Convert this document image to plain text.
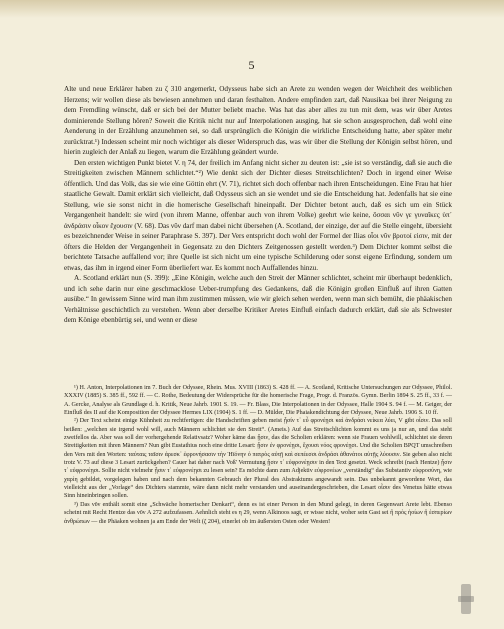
5

Alte und neue Erklärer haben zu ζ 310 angemerkt, Odysseus habe sich an Arete zu wenden wegen der Weichheit des weiblichen Herzens; wir wollen diese als bewiesen annehmen und daran festhalten. Andere empfinden zart, daß Nausikaa bei ihrer Neigung zu dem Fremdling wünscht, daß er sich bei der Mutter beliebt mache. Was hat das aber alles zu tun mit dem, was wir über Aretes dominierende Stellung hören? Soweit die Kritik nicht nur auf Interpolationen ausging, hat sie schon ausgesprochen, daß wohl eine Aenderung in der Erzählung anzunehmen sei, so daß ursprünglich die Königin die wirkliche Entscheidung hatte, aber später mehr zurücktrat.¹) Indessen scheint mir noch wichtiger als dieser Widerspruch das, was wir über die Stellung der Königin selbst hören, und hierin zugleich der Anlaß zu liegen, warum die Erzählung geändert wurde.

Den ersten wichtigen Punkt bietet V. η 74, der freilich im Anfang nicht sicher zu deuten ist: „sie ist so verständig, daß sie auch die Streitigkeiten zwischen Männern schlichtet.“²) Wie denkt sich der Dichter dieses Streitschlichten? Doch in irgend einer Weise öffentlich. Und das Volk, das sie wie eine Göttin ehrt (V. 71), richtet sich doch offenbar nach ihren Entscheidungen. Eine Frau hat hier staatliche Gewalt. Damit erklärt sich vielleicht, daß Odysseus sich an sie wendet und sie die Entscheidung hat. Jedenfalls hat sie eine Stellung, wie sie sonst nicht in die homerische Gesellschaft hineinpaßt. Der Dichter betont auch, daß es sich um ein Stück Vergangenheit handelt: sie wird (von ihrem Manne, offenbar auch von ihrem Volke) geehrt wie keine, ὅσσαι νῦν γε γυναῖκες ὑπ᾽ ἀνδράσιν οἶκον ἔχουσιν (V. 68). Das νῦν darf man dabei nicht übersehen (A. Scotland, der einzige, der auf die Stelle eingeht, übersieht es bezeichnender Weise in seiner Paraphrase S. 397). Der Vers entspricht doch wohl der Formel der Ilias οἷοι νῦν βροτοί εἰσιν, mit der öfters die Helden der Vergangenheit in Gegensatz zu den Dichters Zeitgenossen gestellt werden.³) Dem Dichter kommt selbst die berichtete Tatsache auffallend vor; ihre Quelle ist sich nicht um eine typische Schilderung oder sonst eigene Erfindung, sondern um etwas, das ihm in irgend einer Form überliefert war. Es kommt noch Auffallendes hinzu.

A. Scotland erklärt nun (S. 399): „Eine Königin, welche auch den Streit der Männer schlichtet, scheint mir überhaupt bedenklich, und ich sehe darin nur eine geschmacklose Ueber-trumpfung des Gedankens, daß die Königin großen Einfluß auf ihren Gatten ausübe.“ In gewissem Sinne wird man ihm zustimmen müssen, wie wir gleich sehen werden, wenn man sich bemüht, die phäakischen Verhältnisse geschichtlich zu verstehen. Wenn aber derselbe Kritiker Aretes Einfluß einfach dadurch erklärt, daß sie als Schwester dem Könige ebenbürtig sei, und wenn er diese

¹) H. Anton, Interpolationen im 7. Buch der Odyssee, Rhein. Mus. XVIII (1863) S. 428 ff. — A. Scotland, Kritische Untersuchungen zur Odyssee, Philol. XXXIV (1885) S. 385 ff., 592 ff. — C. Rothe, Bedeutung der Widersprüche für die homerische Frage, Progr. d. Französ. Gymn. Berlin 1894 S. 25 ff., 33 f. — A. Gercke, Analyse als Grundlage d. h. Kritik, Neue Jahrb. 1901 S. 19. — Fr. Blass, Die Interpolationen in der Odyssee, Halle 1904 S. 94 f. — M. Geiger, der Einfluß des II auf die Komposition der Odyssee Hermes LIX (1904) S. 1 ff. — D. Mülder, Die Phaiakendichtung der Odyssee, Neue Jahrb. 1906 S. 10 ff.

²) Der Text scheint einige Kühnheit zu rechtfertigen: die Handschriften geben meist ᾗσίν τ᾽ εὖ φρονέῃσι καὶ ἀνδράσι νείκεα λύει, V gibt οἷσιν. Das soll heißen: „welchen sie irgend wohl will, auch Männern schlichtet sie den Streit“. (Ameis.) Auf das Streitschlichten kommt es uns ja nur an, und das steht zweifellos da. Aber was soll der vorhergehende Relativsatz? Woher käme das ᾗσιν, das die Scholien erklären: wenn sie Frauen wohlwill, schlichtet sie deren Streitigkeiten mit ihren Männern? Nun gibt Eustathius noch eine dritte Lesart: ᾗσιν ἐν φρονέῃσι, ἔχουσι νόος φρονέῃσι. Und die Scholien BPQT umschreiben den Vers mit den Worten: ταύταις ταῖσιν ἀρεσκ᾽ ἐφρονήσασιν τὴν Ἠϊόνην ὁ πατρὸς αὐτῇ καὶ σεπέεσσι ἀνδράσι ἀθανάτοι αὐτῇς λύουσιν. Sie geben also nicht trotz V. 73 auf diese 3 Lesart zurückgehen? Cauer hat daher nach Voß' Vermutung ᾗσιν τ᾽ εὐφρονέῃσιν in den Text gesetzt. Weck schreibt (nach Hentze) ᾗσιν τ᾽ εὐφρονέῃσι. Sollte nicht vielmehr ᾗσιν τ᾽ εὐφρονέῃσι zu lesen sein? Es möchte dann zum Adjektiv εὐφρονέων „verständig“ das Substantiv εὐφροσύνη, wie χαρίη gebildet, vorgelegen haben und nach dem bekannten Gebrauch der Plural des Abstraktums angewandt sein. Das unbekannt gewordene Wort, das vielleicht aus der „Vorlage“ des Dichters stammte, wäre dann nicht mehr verstanden und auseinandergeschrieben, die Lesart οἷσιν des Venetus hätte etwas Sinn hineinbringen sollen.

³) Das νῦν enthält somit eine „Schwäche homerischer Denkart“, denn es ist einer Person in den Mund gelegt, in deren Gegenwart Arete lebt. Ebenso scheint mit Recht Hentze das νῦν A 272 aufzufassen. Aehnlich steht es η 29, wenn Alkinoos sagt, er wisse nicht, woher sein Gast sei ἢ πρὸς ἠοίων ἢ ἑσπερίων ἀνθρώπων — die Phäaken wohnen ja am Ende der Welt (ζ 204), einerlei ob im äußersten Osten oder Westen!
